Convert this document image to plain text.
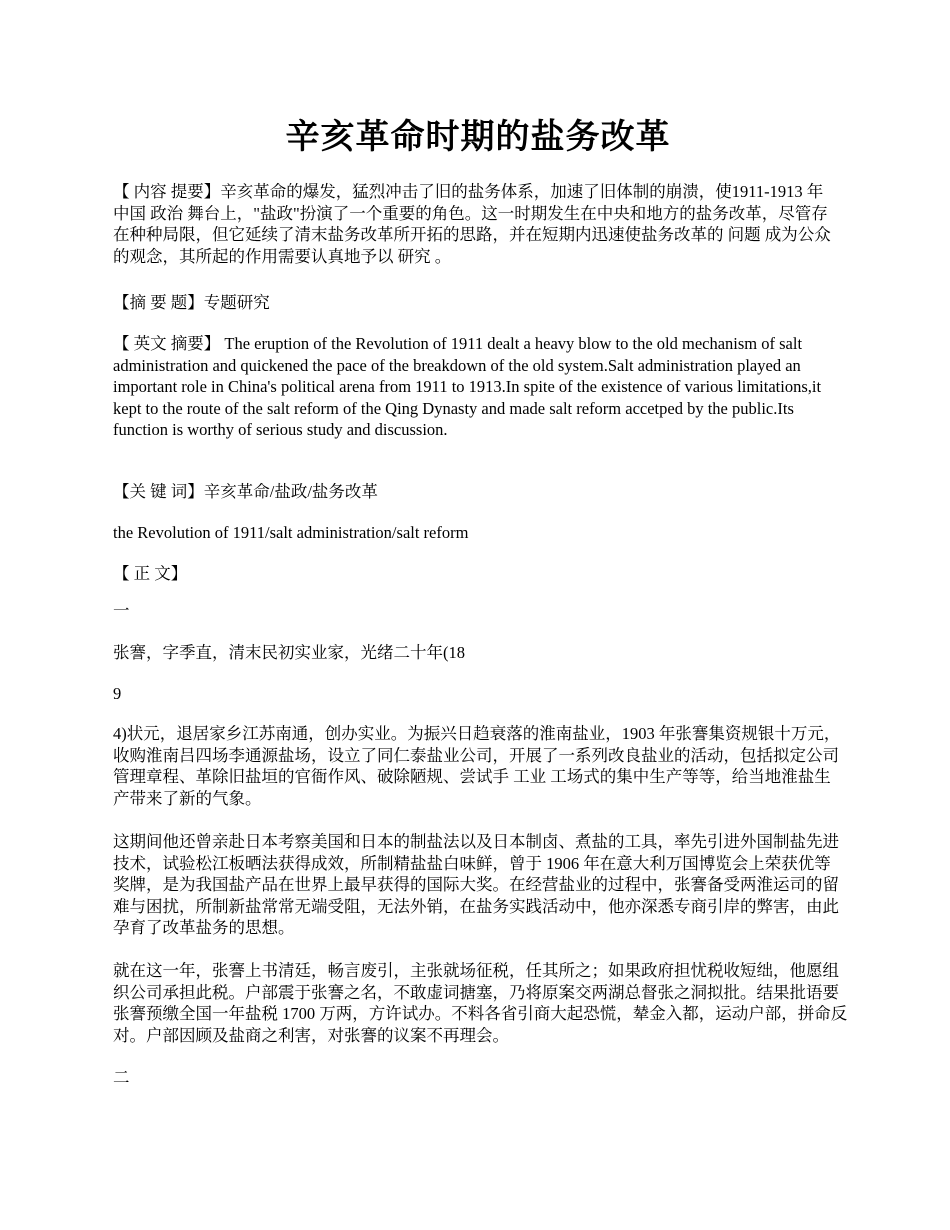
辛亥革命时期的盐务改革

【 内容 提要】辛亥革命的爆发，猛烈冲击了旧的盐务体系，加速了旧体制的崩溃，使1911-1913 年 中国 政治 舞台上，"盐政"扮演了一个重要的角色。这一时期发生在中央和地方的盐务改革，尽管存在种种局限，但它延续了清末盐务改革所开拓的思路，并在短期内迅速使盐务改革的 问题 成为公众的观念，其所起的作用需要认真地予以 研究 。

【摘 要 题】专题研究

【 英文 摘要】 The eruption of the Revolution of 1911 dealt a heavy blow to the old mechanism of salt administration and quickened the pace of the breakdown of the old system.Salt administration played an important role in China's political arena from 1911 to 1913.In spite of the existence of various limitations,it kept to the route of the salt reform of the Qing Dynasty and made salt reform accetped by the public.Its function is worthy of serious study and discussion.

【关 键 词】辛亥革命/盐政/盐务改革

the Revolution of 1911/salt administration/salt reform

【 正 文】

一

张謇，字季直，清末民初实业家，光绪二十年(18

9

4)状元，退居家乡江苏南通，创办实业。为振兴日趋衰落的淮南盐业，1903 年张謇集资规银十万元，收购淮南吕四场李通源盐场，设立了同仁泰盐业公司，开展了一系列改良盐业的活动，包括拟定公司管理章程、革除旧盐垣的官衙作风、破除陋规、尝试手 工业 工场式的集中生产等等，给当地淮盐生产带来了新的气象。

这期间他还曾亲赴日本考察美国和日本的制盐法以及日本制卤、煮盐的工具，率先引进外国制盐先进技术，试验松江板晒法获得成效，所制精盐盐白味鲜，曾于 1906 年在意大利万国博览会上荣获优等奖牌，是为我国盐产品在世界上最早获得的国际大奖。在经营盐业的过程中，张謇备受两淮运司的留难与困扰，所制新盐常常无端受阻，无法外销，在盐务实践活动中，他亦深悉专商引岸的弊害，由此孕育了改革盐务的思想。

就在这一年，张謇上书清廷，畅言废引，主张就场征税，任其所之；如果政府担忧税收短绌，他愿组织公司承担此税。户部震于张謇之名，不敢虚词搪塞，乃将原案交两湖总督张之洞拟批。结果批语要张謇预缴全国一年盐税 1700 万两，方许试办。不料各省引商大起恐慌，辇金入都，运动户部，拼命反对。户部因顾及盐商之利害，对张謇的议案不再理会。

二
